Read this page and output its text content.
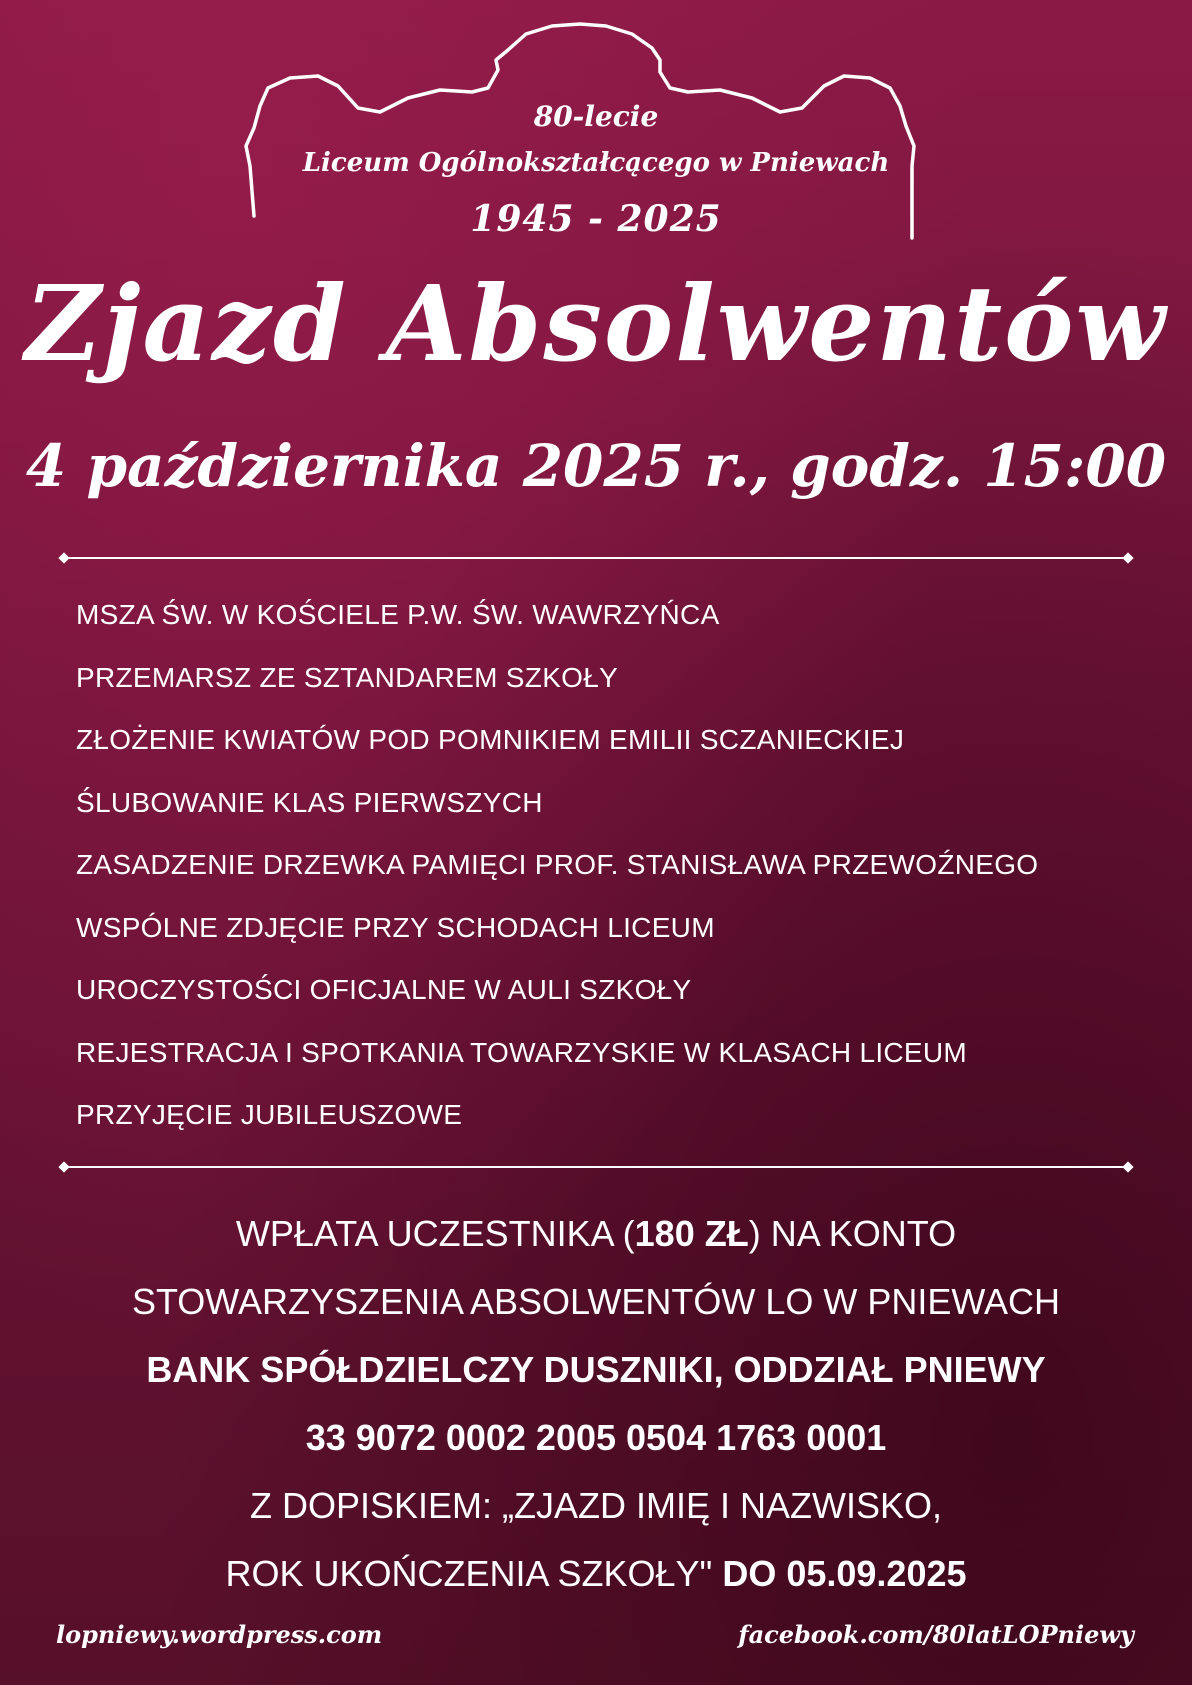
80-lecie
Liceum Ogólnokształcącego w Pniewach
1945 - 2025
Zjazd Absolwentów
4 października 2025 r., godz. 15:00
MSZA ŚW. W KOŚCIELE P.W. ŚW. WAWRZYŃCA
PRZEMARSZ ZE SZTANDAREM SZKOŁY
ZŁOŻENIE KWIATÓW POD POMNIKIEM EMILII SCZANIECKIEJ
ŚLUBOWANIE KLAS PIERWSZYCH
ZASADZENIE DRZEWKA PAMIĘCI PROF. STANISŁAWA PRZEWOŹNEGO
WSPÓLNE ZDJĘCIE PRZY SCHODACH LICEUM
UROCZYSTOŚCI OFICJALNE W AULI SZKOŁY
REJESTRACJA I SPOTKANIA TOWARZYSKIE W KLASACH LICEUM
PRZYJĘCIE JUBILEUSZOWE
WPŁATA UCZESTNIKA (180 ZŁ) NA KONTO
STOWARZYSZENIA ABSOLWENTÓW LO W PNIEWACH
BANK SPÓŁDZIELCZY DUSZNIKI, ODDZIAŁ PNIEWY
33 9072 0002 2005 0504 1763 0001
Z DOPISKIEM: „ZJAZD IMIĘ I NAZWISKO,
ROK UKOŃCZENIA SZKOŁY" DO 05.09.2025
lopniewy.wordpress.com	facebook.com/80latLOPniewy
